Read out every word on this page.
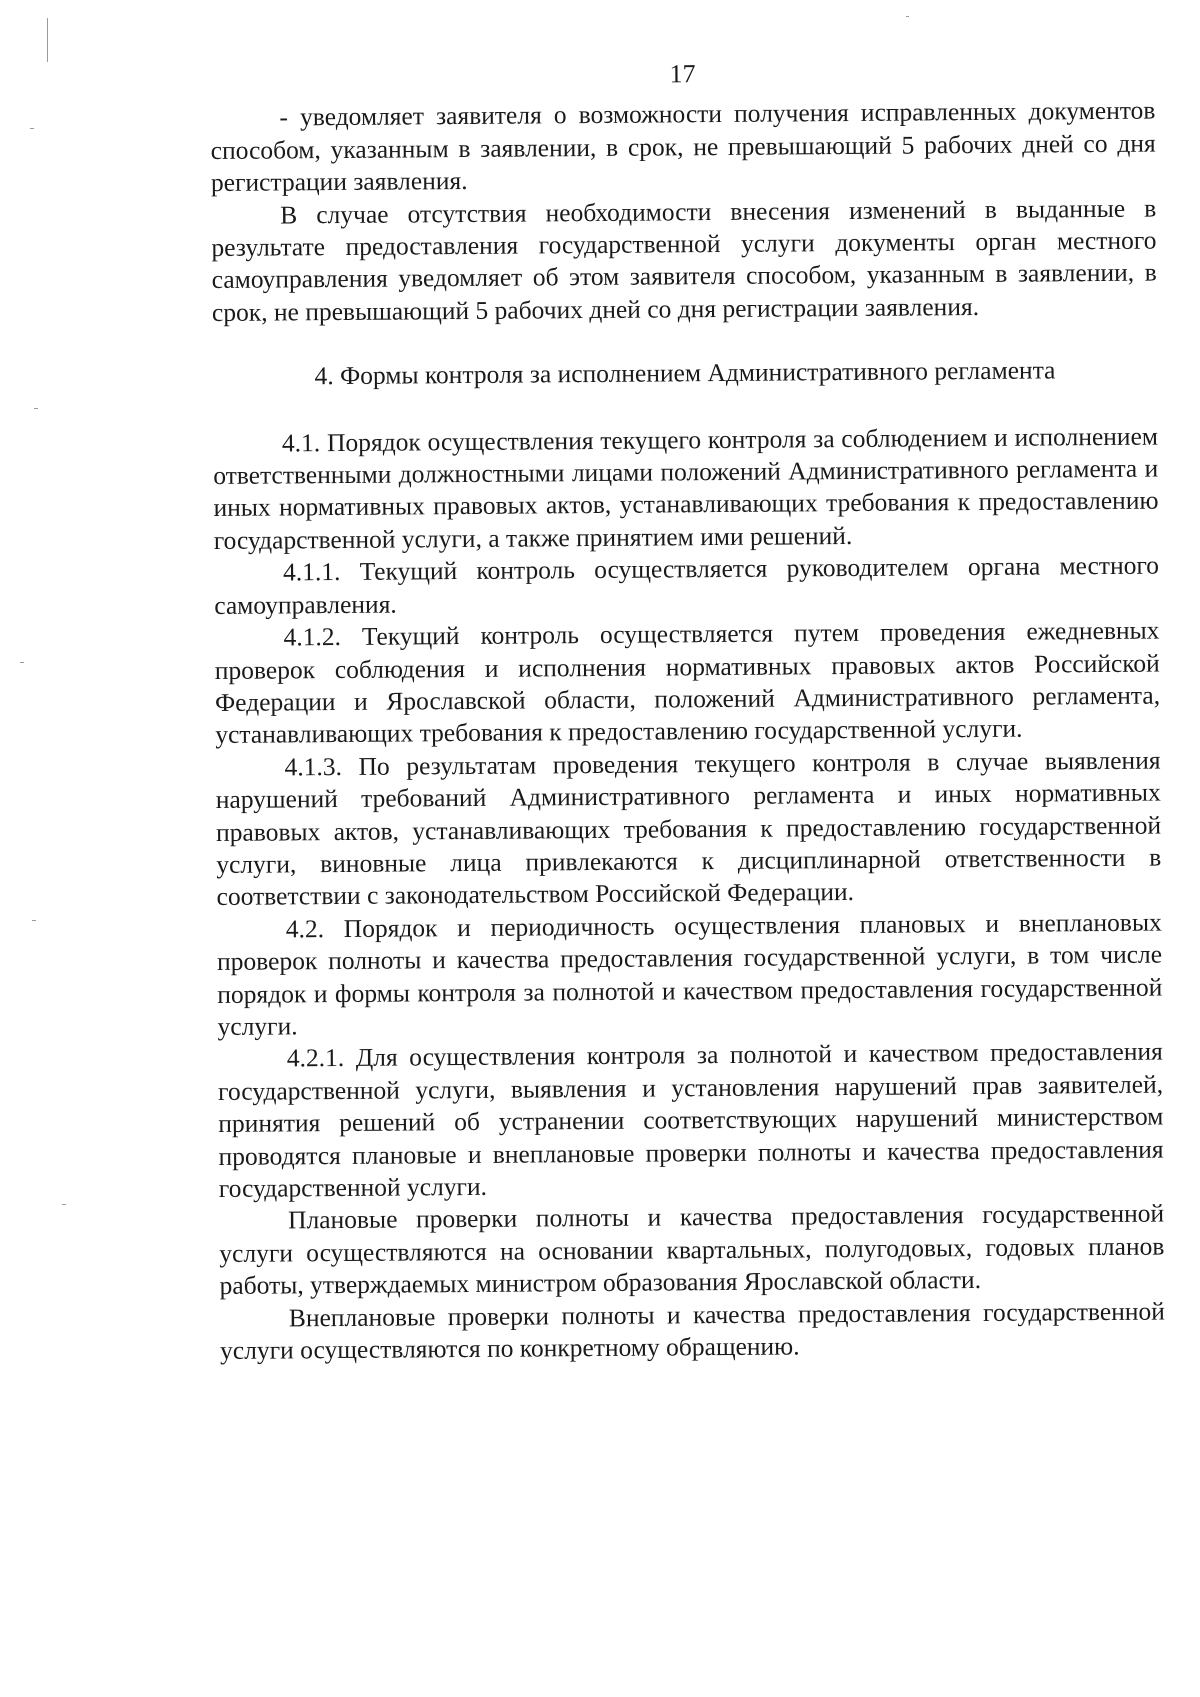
17

- уведомляет заявителя о возможности получения исправленных документов способом, указанным в заявлении, в срок, не превышающий 5 рабочих дней со дня регистрации заявления.

В случае отсутствия необходимости внесения изменений в выданные в результате предоставления государственной услуги документы орган местного самоуправления уведомляет об этом заявителя способом, указанным в заявлении, в срок, не превышающий 5 рабочих дней со дня регистрации заявления.

4. Формы контроля за исполнением Административного регламента

4.1. Порядок осуществления текущего контроля за соблюдением и исполнением ответственными должностными лицами положений Административного регламента и иных нормативных правовых актов, устанавливающих требования к предоставлению государственной услуги, а также принятием ими решений.

4.1.1. Текущий контроль осуществляется руководителем органа местного самоуправления.

4.1.2. Текущий контроль осуществляется путем проведения ежедневных проверок соблюдения и исполнения нормативных правовых актов Российской Федерации и Ярославской области, положений Административного регламента, устанавливающих требования к предоставлению государственной услуги.

4.1.3. По результатам проведения текущего контроля в случае выявления нарушений требований Административного регламента и иных нормативных правовых актов, устанавливающих требования к предоставлению государственной услуги, виновные лица привлекаются к дисциплинарной ответственности в соответствии с законодательством Российской Федерации.

4.2. Порядок и периодичность осуществления плановых и внеплановых проверок полноты и качества предоставления государственной услуги, в том числе порядок и формы контроля за полнотой и качеством предоставления государственной услуги.

4.2.1. Для осуществления контроля за полнотой и качеством предоставления государственной услуги, выявления и установления нарушений прав заявителей, принятия решений об устранении соответствующих нарушений министерством проводятся плановые и внеплановые проверки полноты и качества предоставления государственной услуги.

Плановые проверки полноты и качества предоставления государственной услуги осуществляются на основании квартальных, полугодовых, годовых планов работы, утверждаемых министром образования Ярославской области.

Внеплановые проверки полноты и качества предоставления государственной услуги осуществляются по конкретному обращению.
